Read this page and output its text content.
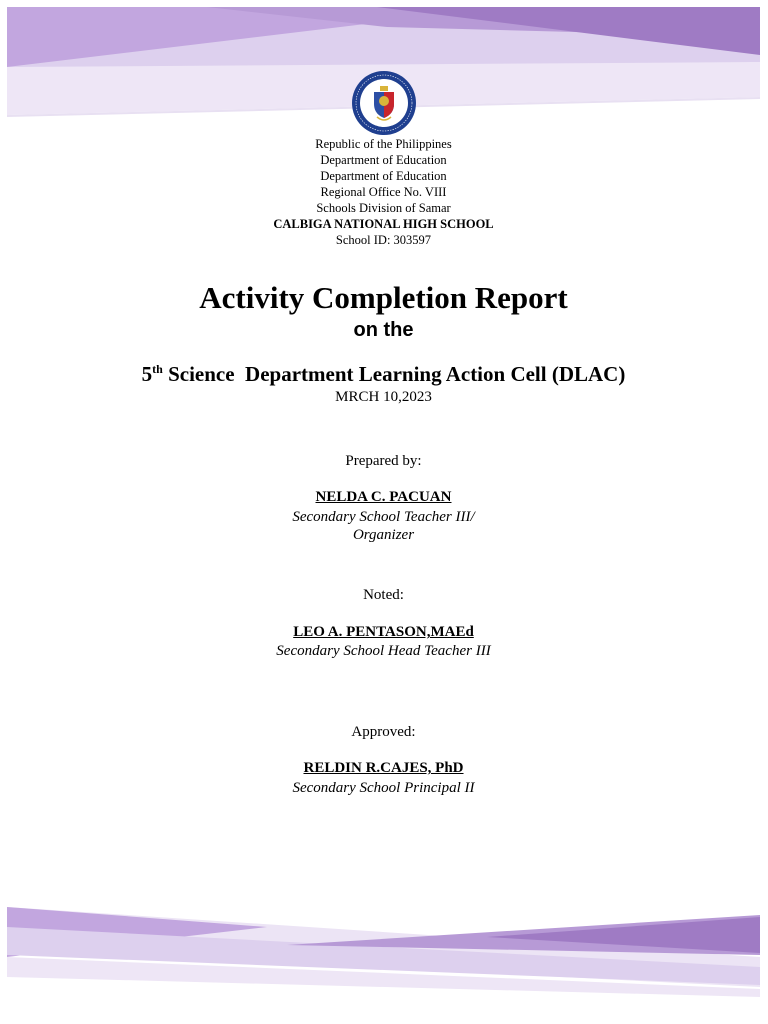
Republic of the Philippines
Department of Education
Department of Education
Regional Office No. VIII
Schools Division of Samar
CALBIGA NATIONAL HIGH SCHOOL
School ID: 303597
Activity Completion Report
on the
5th Science  Department Learning Action Cell (DLAC)
MRCH 10,2023
Prepared by:
NELDA C. PACUAN
Secondary School Teacher III/
Organizer
Noted:
LEO A. PENTASON,MAEd
Secondary School Head Teacher III
Approved:
RELDIN R.CAJES, PhD
Secondary School Principal II
